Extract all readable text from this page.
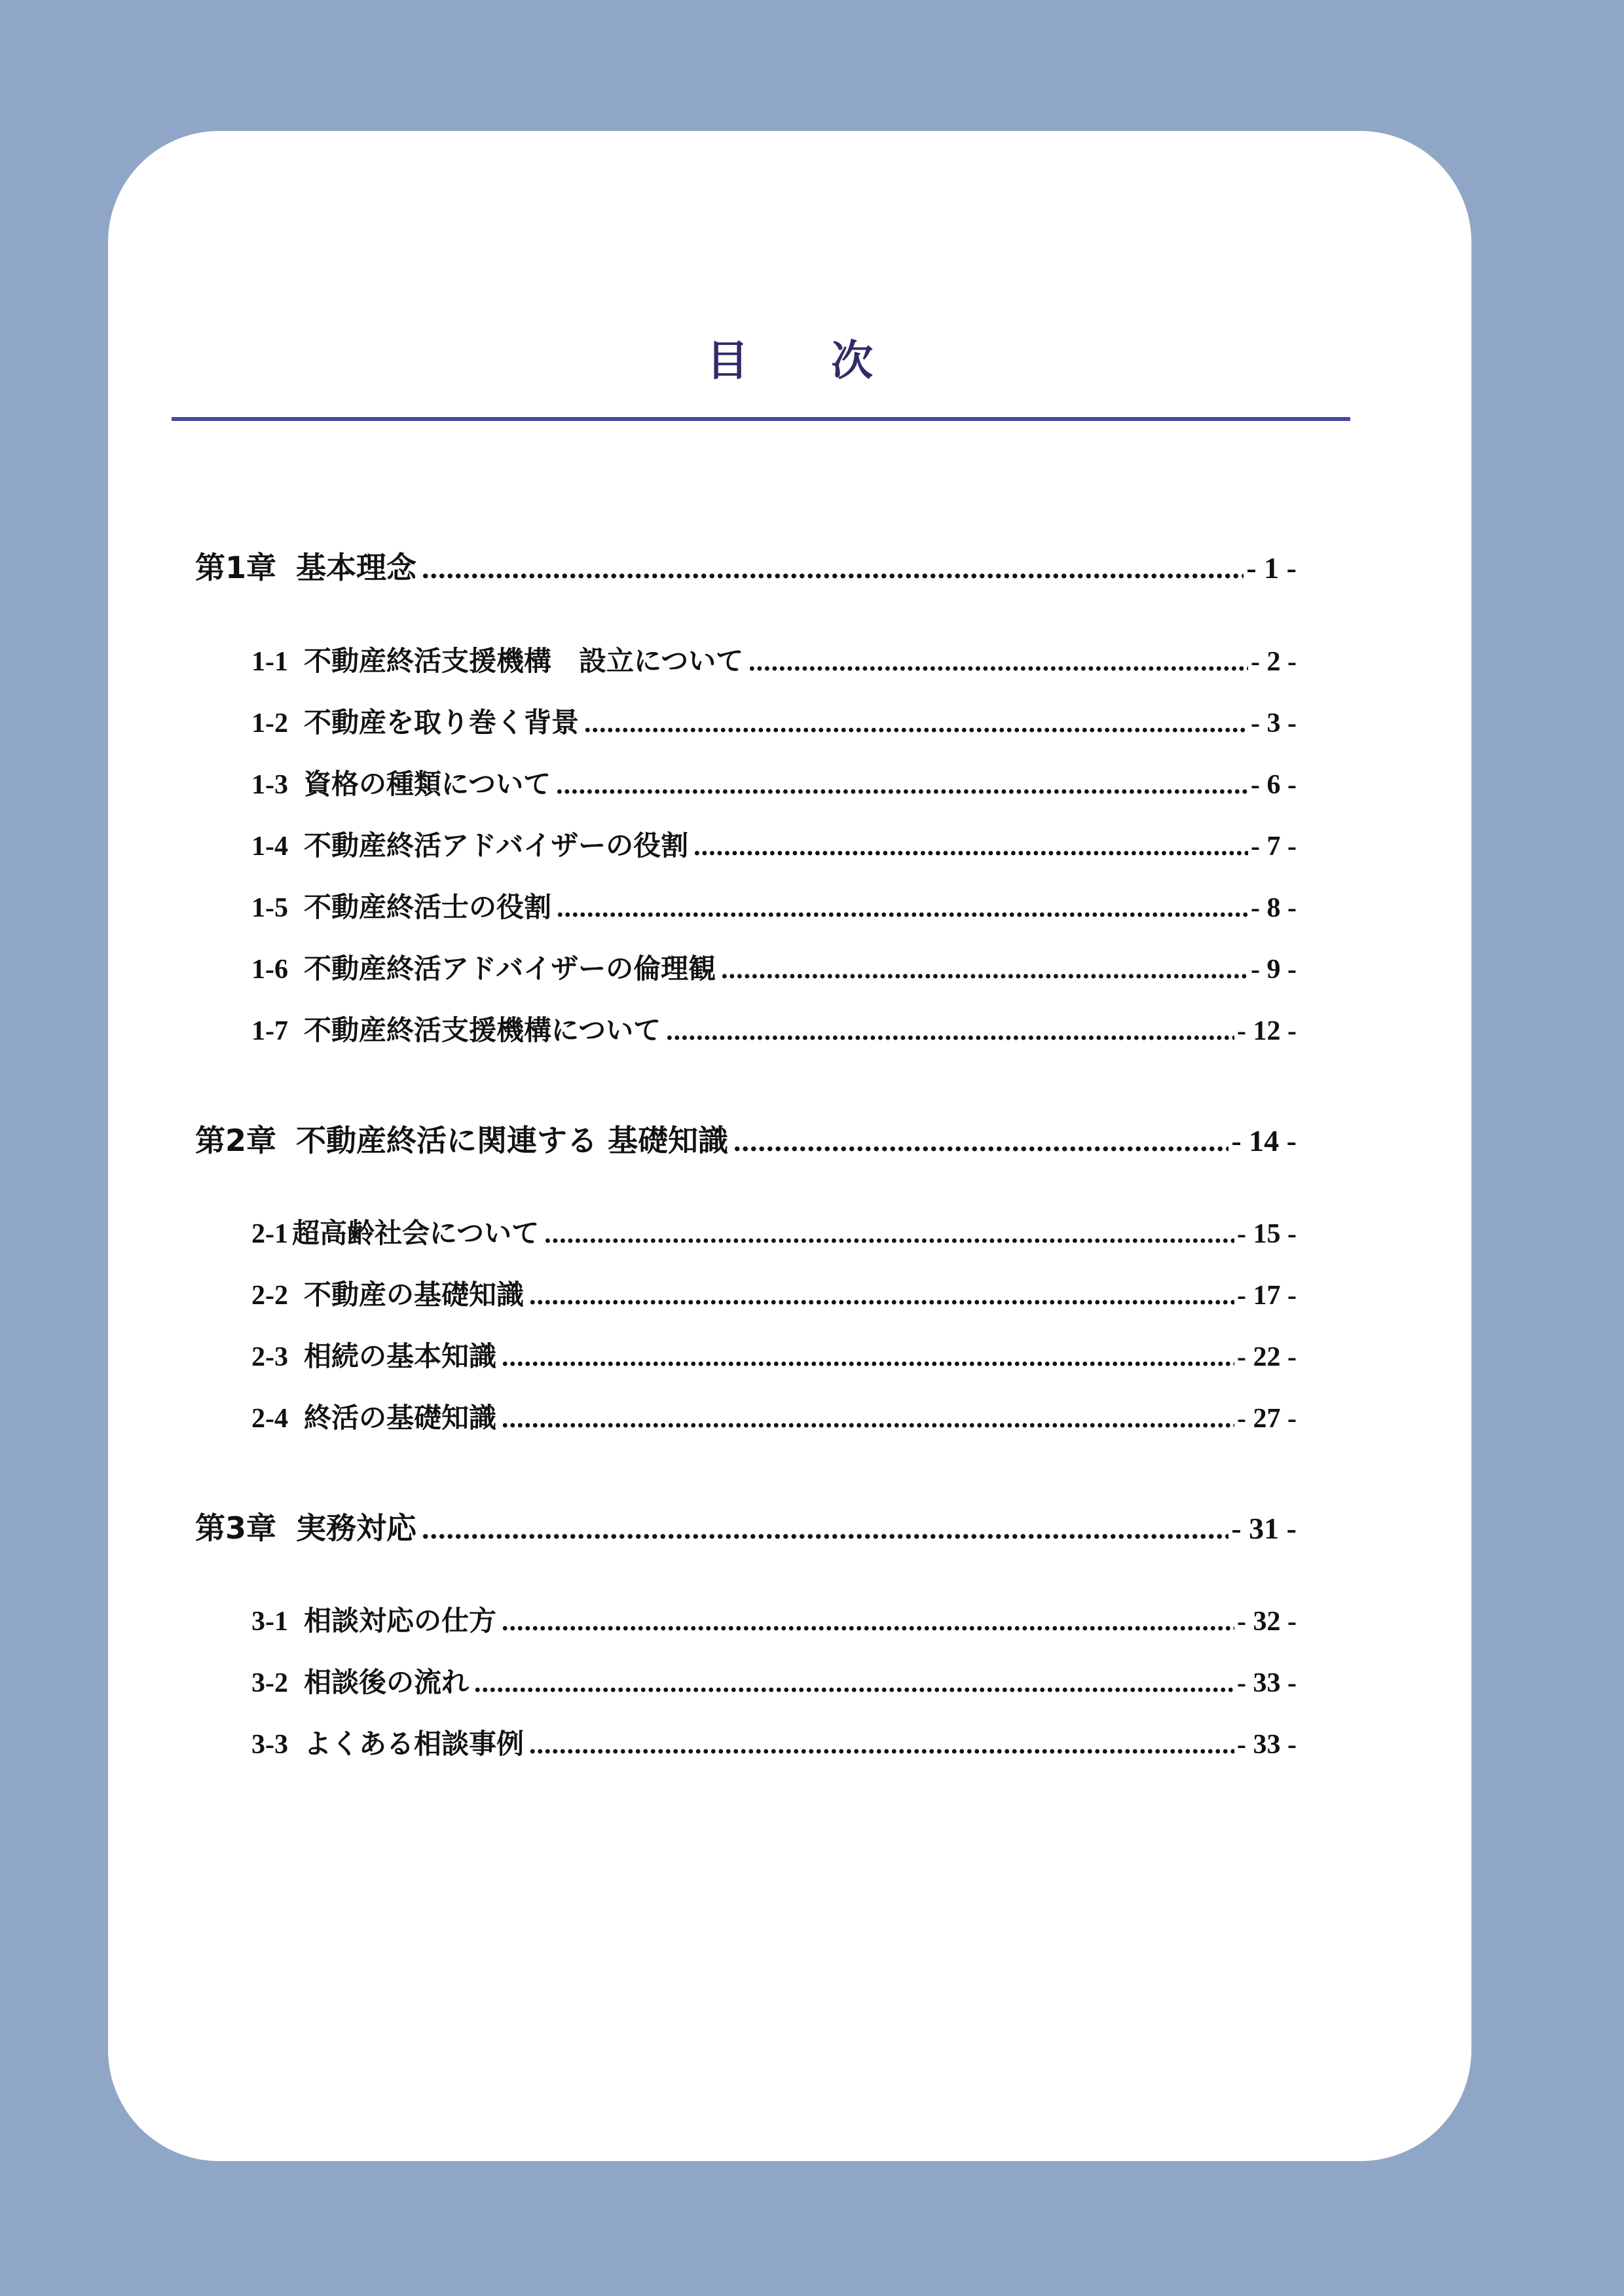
目 次
第1章 基本理念 .....	- 1 -
1-1 不動産終活支援機構　設立について .....	- 2 -
1-2 不動産を取り巻く背景 .....	- 3 -
1-3 資格の種類について .....	- 6 -
1-4 不動産終活アドバイザーの役割 .....	- 7 -
1-5 不動産終活士の役割 .....	- 8 -
1-6 不動産終活アドバイザーの倫理観 .....	- 9 -
1-7 不動産終活支援機構について .....	- 12 -
第2章 不動産終活に関連する 基礎知識 .....	- 14 -
2-1 超高齢社会について .....	- 15 -
2-2 不動産の基礎知識 .....	- 17 -
2-3 相続の基本知識 .....	- 22 -
2-4 終活の基礎知識 .....	- 27 -
第3章 実務対応 .....	- 31 -
3-1 相談対応の仕方 .....	- 32 -
3-2 相談後の流れ .....	- 33 -
3-3 よくある相談事例 .....	- 33 -
